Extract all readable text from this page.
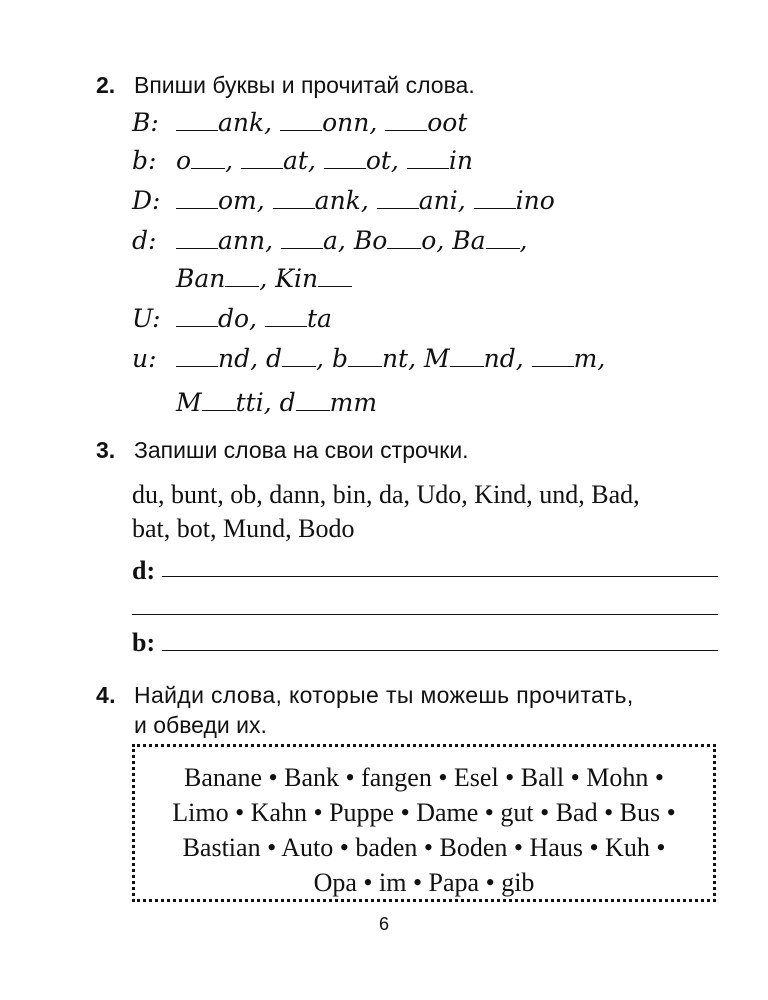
2. Впиши буквы и прочитай слова.
B: ank, onn, oot
b: o , at, ot, in
D: om, ank, ani, ino
d: ann, a, Bo o, Ba ,
Ban , Kin
U: do, ta
u: nd, d , b nt, M nd, m,
M tti, d mm
3. Запиши слова на свои строчки.
du, bunt, ob, dann, bin, da, Udo, Kind, und, Bad,
bat, bot, Mund, Bodo
d:
b:
4. Найди слова, которые ты можешь прочитать,
и обведи их.
Banane • Bank • fangen • Esel • Ball • Mohn •
Limo • Kahn • Puppe • Dame • gut • Bad • Bus •
Bastian • Auto • baden • Boden • Haus • Kuh •
Opa • im • Papa • gib
6
